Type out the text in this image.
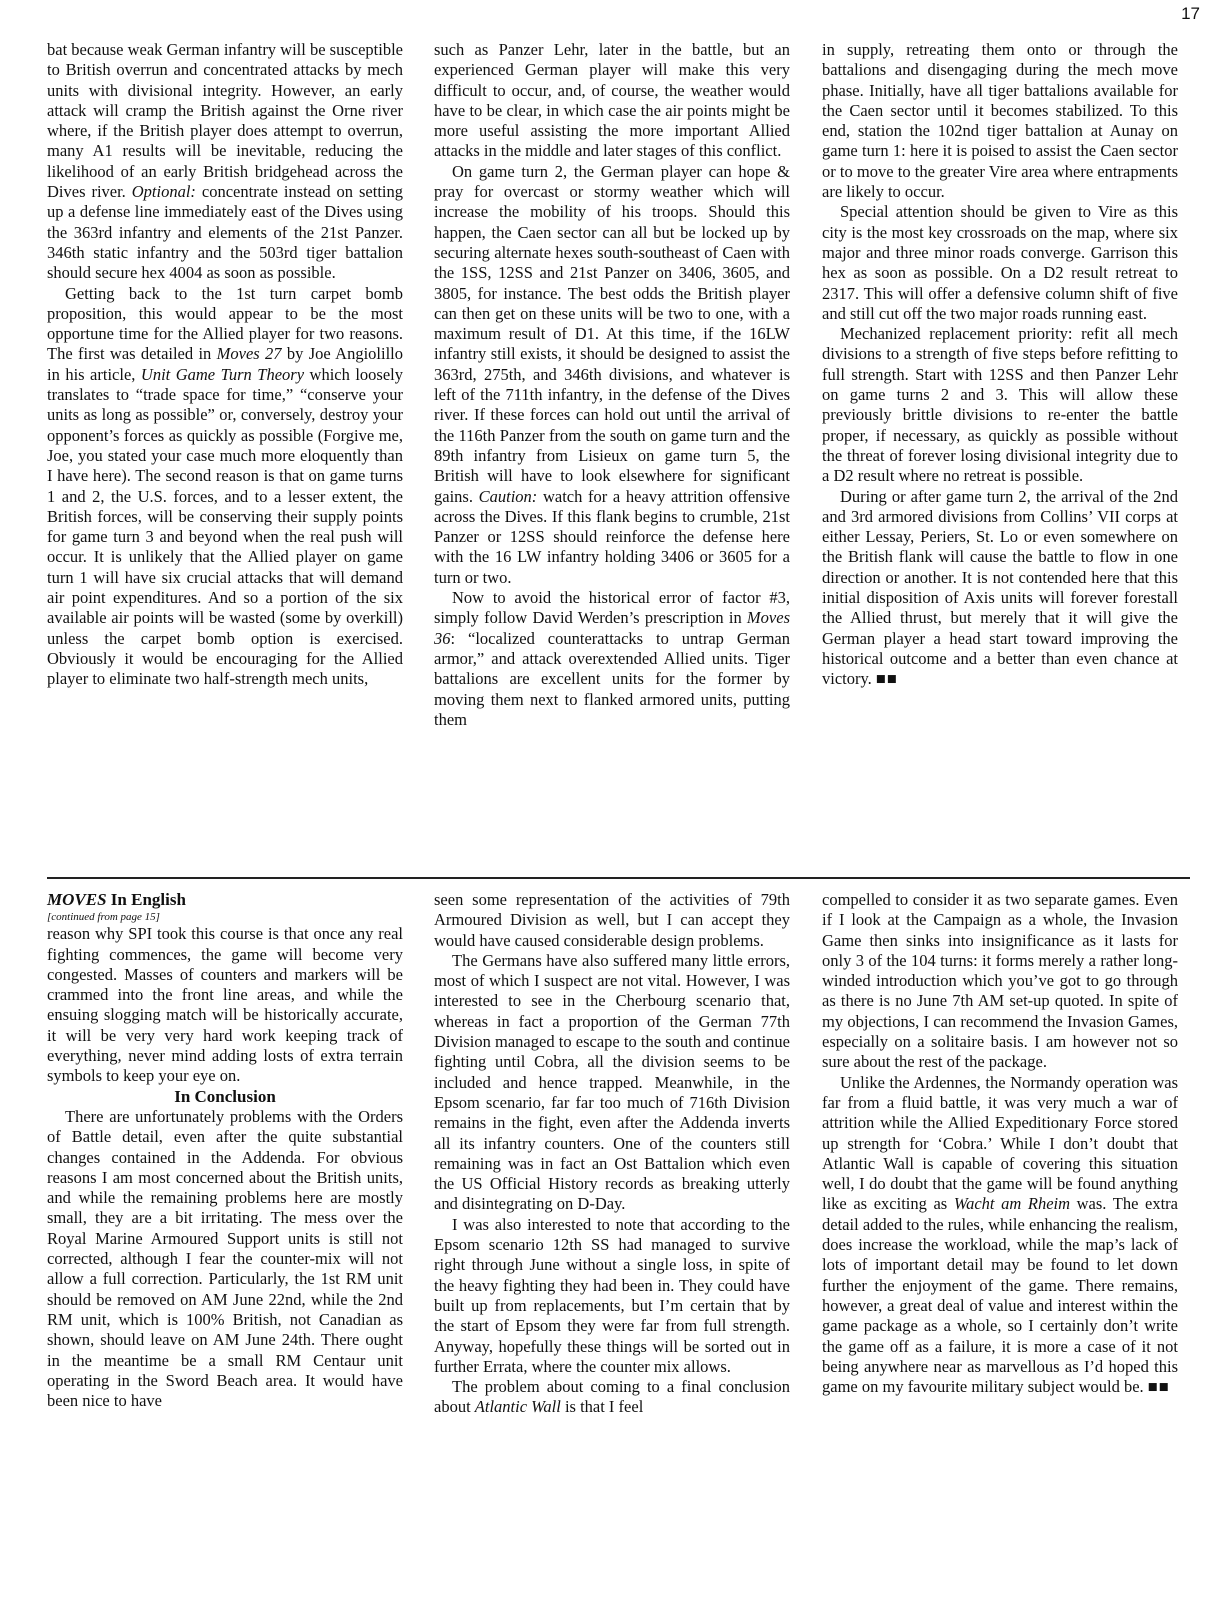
17

bat because weak German infantry will be susceptible to British overrun and concentrated attacks by mech units with divisional integrity. However, an early attack will cramp the British against the Orne river where, if the British player does attempt to overrun, many A1 results will be inevitable, reducing the likelihood of an early British bridgehead across the Dives river. Optional: concentrate instead on setting up a defense line immediately east of the Dives using the 363rd infantry and elements of the 21st Panzer. 346th static infantry and the 503rd tiger battalion should secure hex 4004 as soon as possible.

Getting back to the 1st turn carpet bomb proposition, this would appear to be the most opportune time for the Allied player for two reasons. The first was detailed in Moves 27 by Joe Angiolillo in his article, Unit Game Turn Theory which loosely translates to “trade space for time,” “conserve your units as long as possible” or, conversely, destroy your opponent’s forces as quickly as possible (Forgive me, Joe, you stated your case much more eloquently than I have here). The second reason is that on game turns 1 and 2, the U.S. forces, and to a lesser extent, the British forces, will be conserving their supply points for game turn 3 and beyond when the real push will occur. It is unlikely that the Allied player on game turn 1 will have six crucial attacks that will demand air point expenditures. And so a portion of the six available air points will be wasted (some by overkill) unless the carpet bomb option is exercised. Obviously it would be encouraging for the Allied player to eliminate two half-strength mech units,

such as Panzer Lehr, later in the battle, but an experienced German player will make this very difficult to occur, and, of course, the weather would have to be clear, in which case the air points might be more useful assisting the more important Allied attacks in the middle and later stages of this conflict.

On game turn 2, the German player can hope & pray for overcast or stormy weather which will increase the mobility of his troops. Should this happen, the Caen sector can all but be locked up by securing alternate hexes south-southeast of Caen with the 1SS, 12SS and 21st Panzer on 3406, 3605, and 3805, for instance. The best odds the British player can then get on these units will be two to one, with a maximum result of D1. At this time, if the 16LW infantry still exists, it should be designed to assist the 363rd, 275th, and 346th divisions, and whatever is left of the 711th infantry, in the defense of the Dives river. If these forces can hold out until the arrival of the 116th Panzer from the south on game turn and the 89th infantry from Lisieux on game turn 5, the British will have to look elsewhere for significant gains. Caution: watch for a heavy attrition offensive across the Dives. If this flank begins to crumble, 21st Panzer or 12SS should reinforce the defense here with the 16 LW infantry holding 3406 or 3605 for a turn or two.

Now to avoid the historical error of factor #3, simply follow David Werden’s prescription in Moves 36: “localized counterattacks to untrap German armor,” and attack overextended Allied units. Tiger battalions are excellent units for the former by moving them next to flanked armored units, putting them

in supply, retreating them onto or through the battalions and disengaging during the mech move phase. Initially, have all tiger battalions available for the Caen sector until it becomes stabilized. To this end, station the 102nd tiger battalion at Aunay on game turn 1: here it is poised to assist the Caen sector or to move to the greater Vire area where entrapments are likely to occur.

Special attention should be given to Vire as this city is the most key crossroads on the map, where six major and three minor roads converge. Garrison this hex as soon as possible. On a D2 result retreat to 2317. This will offer a defensive column shift of five and still cut off the two major roads running east.

Mechanized replacement priority: refit all mech divisions to a strength of five steps before refitting to full strength. Start with 12SS and then Panzer Lehr on game turns 2 and 3. This will allow these previously brittle divisions to re-enter the battle proper, if necessary, as quickly as possible without the threat of forever losing divisional integrity due to a D2 result where no retreat is possible.

During or after game turn 2, the arrival of the 2nd and 3rd armored divisions from Collins’ VII corps at either Lessay, Periers, St. Lo or even somewhere on the British flank will cause the battle to flow in one direction or another. It is not contended here that this initial disposition of Axis units will forever forestall the Allied thrust, but merely that it will give the German player a head start toward improving the historical outcome and a better than even chance at victory. ■■

MOVES In English

[continued from page 15]

reason why SPI took this course is that once any real fighting commences, the game will become very congested. Masses of counters and markers will be crammed into the front line areas, and while the ensuing slogging match will be historically accurate, it will be very very hard work keeping track of everything, never mind adding losts of extra terrain symbols to keep your eye on.

In Conclusion

There are unfortunately problems with the Orders of Battle detail, even after the quite substantial changes contained in the Addenda. For obvious reasons I am most concerned about the British units, and while the remaining problems here are mostly small, they are a bit irritating. The mess over the Royal Marine Armoured Support units is still not corrected, although I fear the counter-mix will not allow a full correction. Particularly, the 1st RM unit should be removed on AM June 22nd, while the 2nd RM unit, which is 100% British, not Canadian as shown, should leave on AM June 24th. There ought in the meantime be a small RM Centaur unit operating in the Sword Beach area. It would have been nice to have

seen some representation of the activities of 79th Armoured Division as well, but I can accept they would have caused considerable design problems.

The Germans have also suffered many little errors, most of which I suspect are not vital. However, I was interested to see in the Cherbourg scenario that, whereas in fact a proportion of the German 77th Division managed to escape to the south and continue fighting until Cobra, all the division seems to be included and hence trapped. Meanwhile, in the Epsom scenario, far far too much of 716th Division remains in the fight, even after the Addenda inverts all its infantry counters. One of the counters still remaining was in fact an Ost Battalion which even the US Official History records as breaking utterly and disintegrating on D-Day.

I was also interested to note that according to the Epsom scenario 12th SS had managed to survive right through June without a single loss, in spite of the heavy fighting they had been in. They could have built up from replacements, but I’m certain that by the start of Epsom they were far from full strength. Anyway, hopefully these things will be sorted out in further Errata, where the counter mix allows.

The problem about coming to a final conclusion about Atlantic Wall is that I feel

compelled to consider it as two separate games. Even if I look at the Campaign as a whole, the Invasion Game then sinks into insignificance as it lasts for only 3 of the 104 turns: it forms merely a rather long-winded introduction which you’ve got to go through as there is no June 7th AM set-up quoted. In spite of my objections, I can recommend the Invasion Games, especially on a solitaire basis. I am however not so sure about the rest of the package.

Unlike the Ardennes, the Normandy operation was far from a fluid battle, it was very much a war of attrition while the Allied Expeditionary Force stored up strength for ‘Cobra.’ While I don’t doubt that Atlantic Wall is capable of covering this situation well, I do doubt that the game will be found anything like as exciting as Wacht am Rheim was. The extra detail added to the rules, while enhancing the realism, does increase the workload, while the map’s lack of lots of important detail may be found to let down further the enjoyment of the game. There remains, however, a great deal of value and interest within the game package as a whole, so I certainly don’t write the game off as a failure, it is more a case of it not being anywhere near as marvellous as I’d hoped this game on my favourite military subject would be. ■■
